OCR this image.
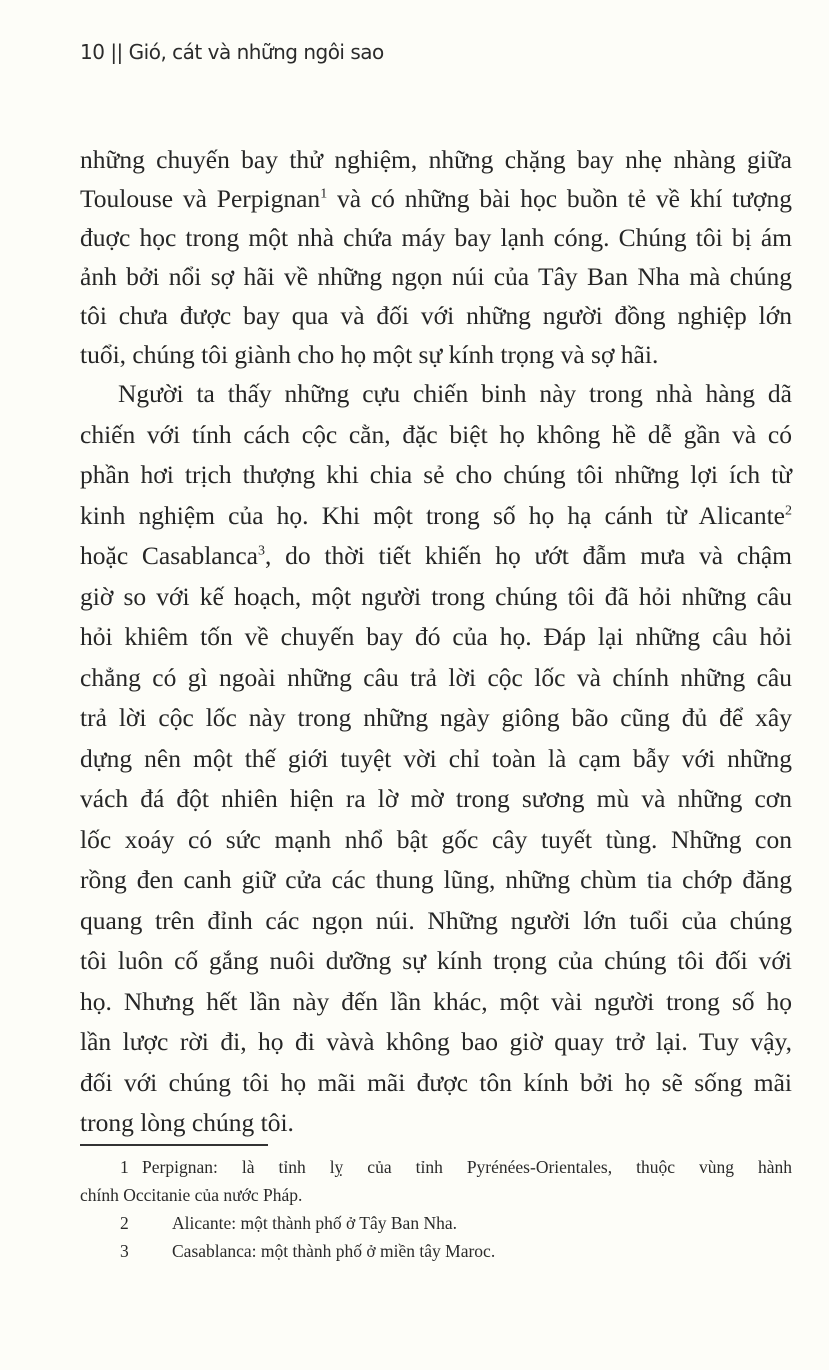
10 || Gió, cát và những ngôi sao
những chuyến bay thử nghiệm, những chặng bay nhẹ nhàng giữa
Toulouse và Perpignan$^1$ và có những bài học buồn tẻ về khí tượng
đuợc học trong một nhà chứa máy bay lạnh cóng. Chúng tôi bị ám
ảnh bởi nổi sợ hãi về những ngọn núi của Tây Ban Nha mà chúng
tôi chưa được bay qua và đối với những người đồng nghiệp lớn
tuổi, chúng tôi giành cho họ một sự kính trọng và sợ hãi.
Người ta thấy những cựu chiến binh này trong nhà hàng dã
chiến với tính cách cộc cằn, đặc biệt họ không hề dễ gần và có
phần hơi trịch thượng khi chia sẻ cho chúng tôi những lợi ích từ
kinh nghiệm của họ. Khi một trong số họ hạ cánh từ Alicante$^2$
hoặc Casablanca$^3$, do thời tiết khiến họ ướt đẫm mưa và chậm
giờ so với kế hoạch, một người trong chúng tôi đã hỏi những câu
hỏi khiêm tốn về chuyến bay đó của họ. Đáp lại những câu hỏi
chẳng có gì ngoài những câu trả lời cộc lốc và chính những câu
trả lời cộc lốc này trong những ngày giông bão cũng đủ để xây
dựng nên một thế giới tuyệt vời chỉ toàn là cạm bẫy với những
vách đá đột nhiên hiện ra lờ mờ trong sương mù và những cơn
lốc xoáy có sức mạnh nhổ bật gốc cây tuyết tùng. Những con
rồng đen canh giữ cửa các thung lũng, những chùm tia chớp đăng
quang trên đỉnh các ngọn núi. Những người lớn tuổi của chúng
tôi luôn cố gắng nuôi dưỡng sự kính trọng của chúng tôi đối với
họ. Nhưng hết lần này đến lần khác, một vài người trong số họ
lần lược rời đi, họ đi vàvà không bao giờ quay trở lại. Tuy vậy,
đối với chúng tôi họ mãi mãi được tôn kính bởi họ sẽ sống mãi
trong lòng chúng tôi.
1 Perpignan: là tỉnh lỵ của tỉnh Pyrénées-Orientales, thuộc vùng hành
chính Occitanie của nước Pháp.
2 Alicante: một thành phố ở Tây Ban Nha.
3 Casablanca: một thành phố ở miền tây Maroc.
